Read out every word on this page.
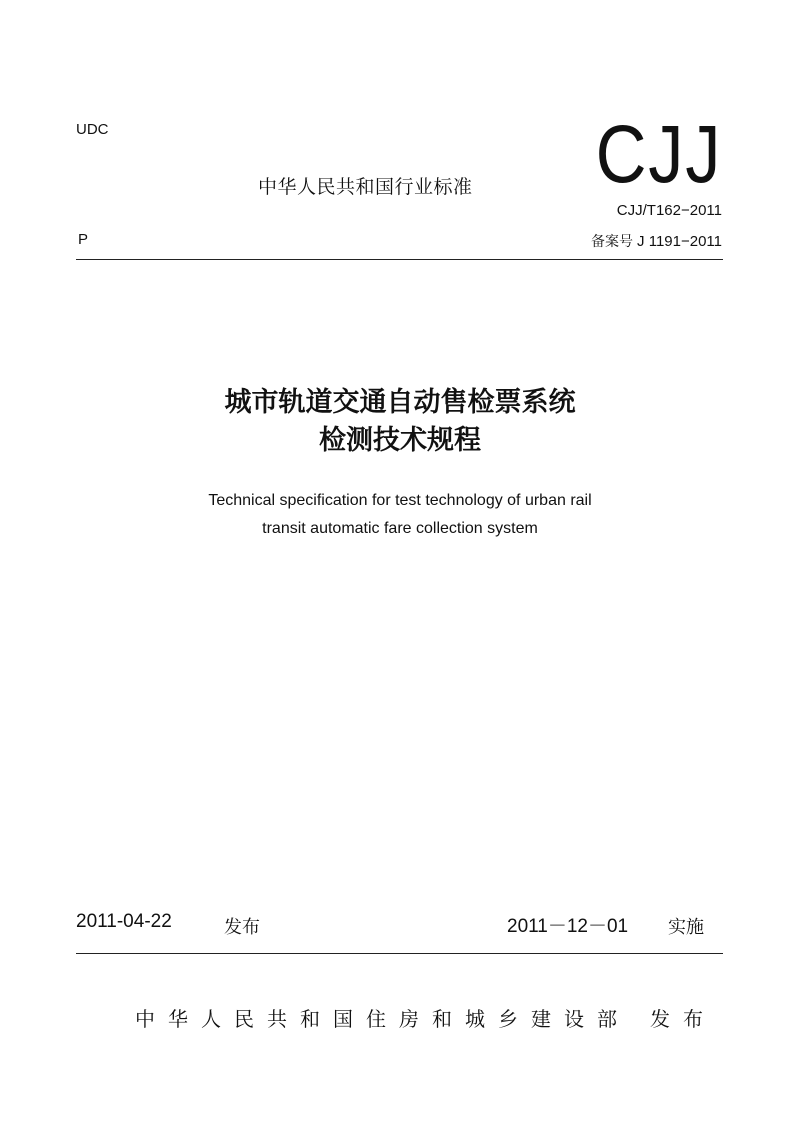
UDC
中华人民共和国行业标准 CJJ
CJJ/T162−2011
P	备案号 J 1191−2011
城市轨道交通自动售检票系统
检测技术规程
Technical specification for test technology of urban rail
transit automatic fare collection system
2011-04-22	发布	2011－12－01 实施
中华人民共和国住房和城乡建设部 发布
